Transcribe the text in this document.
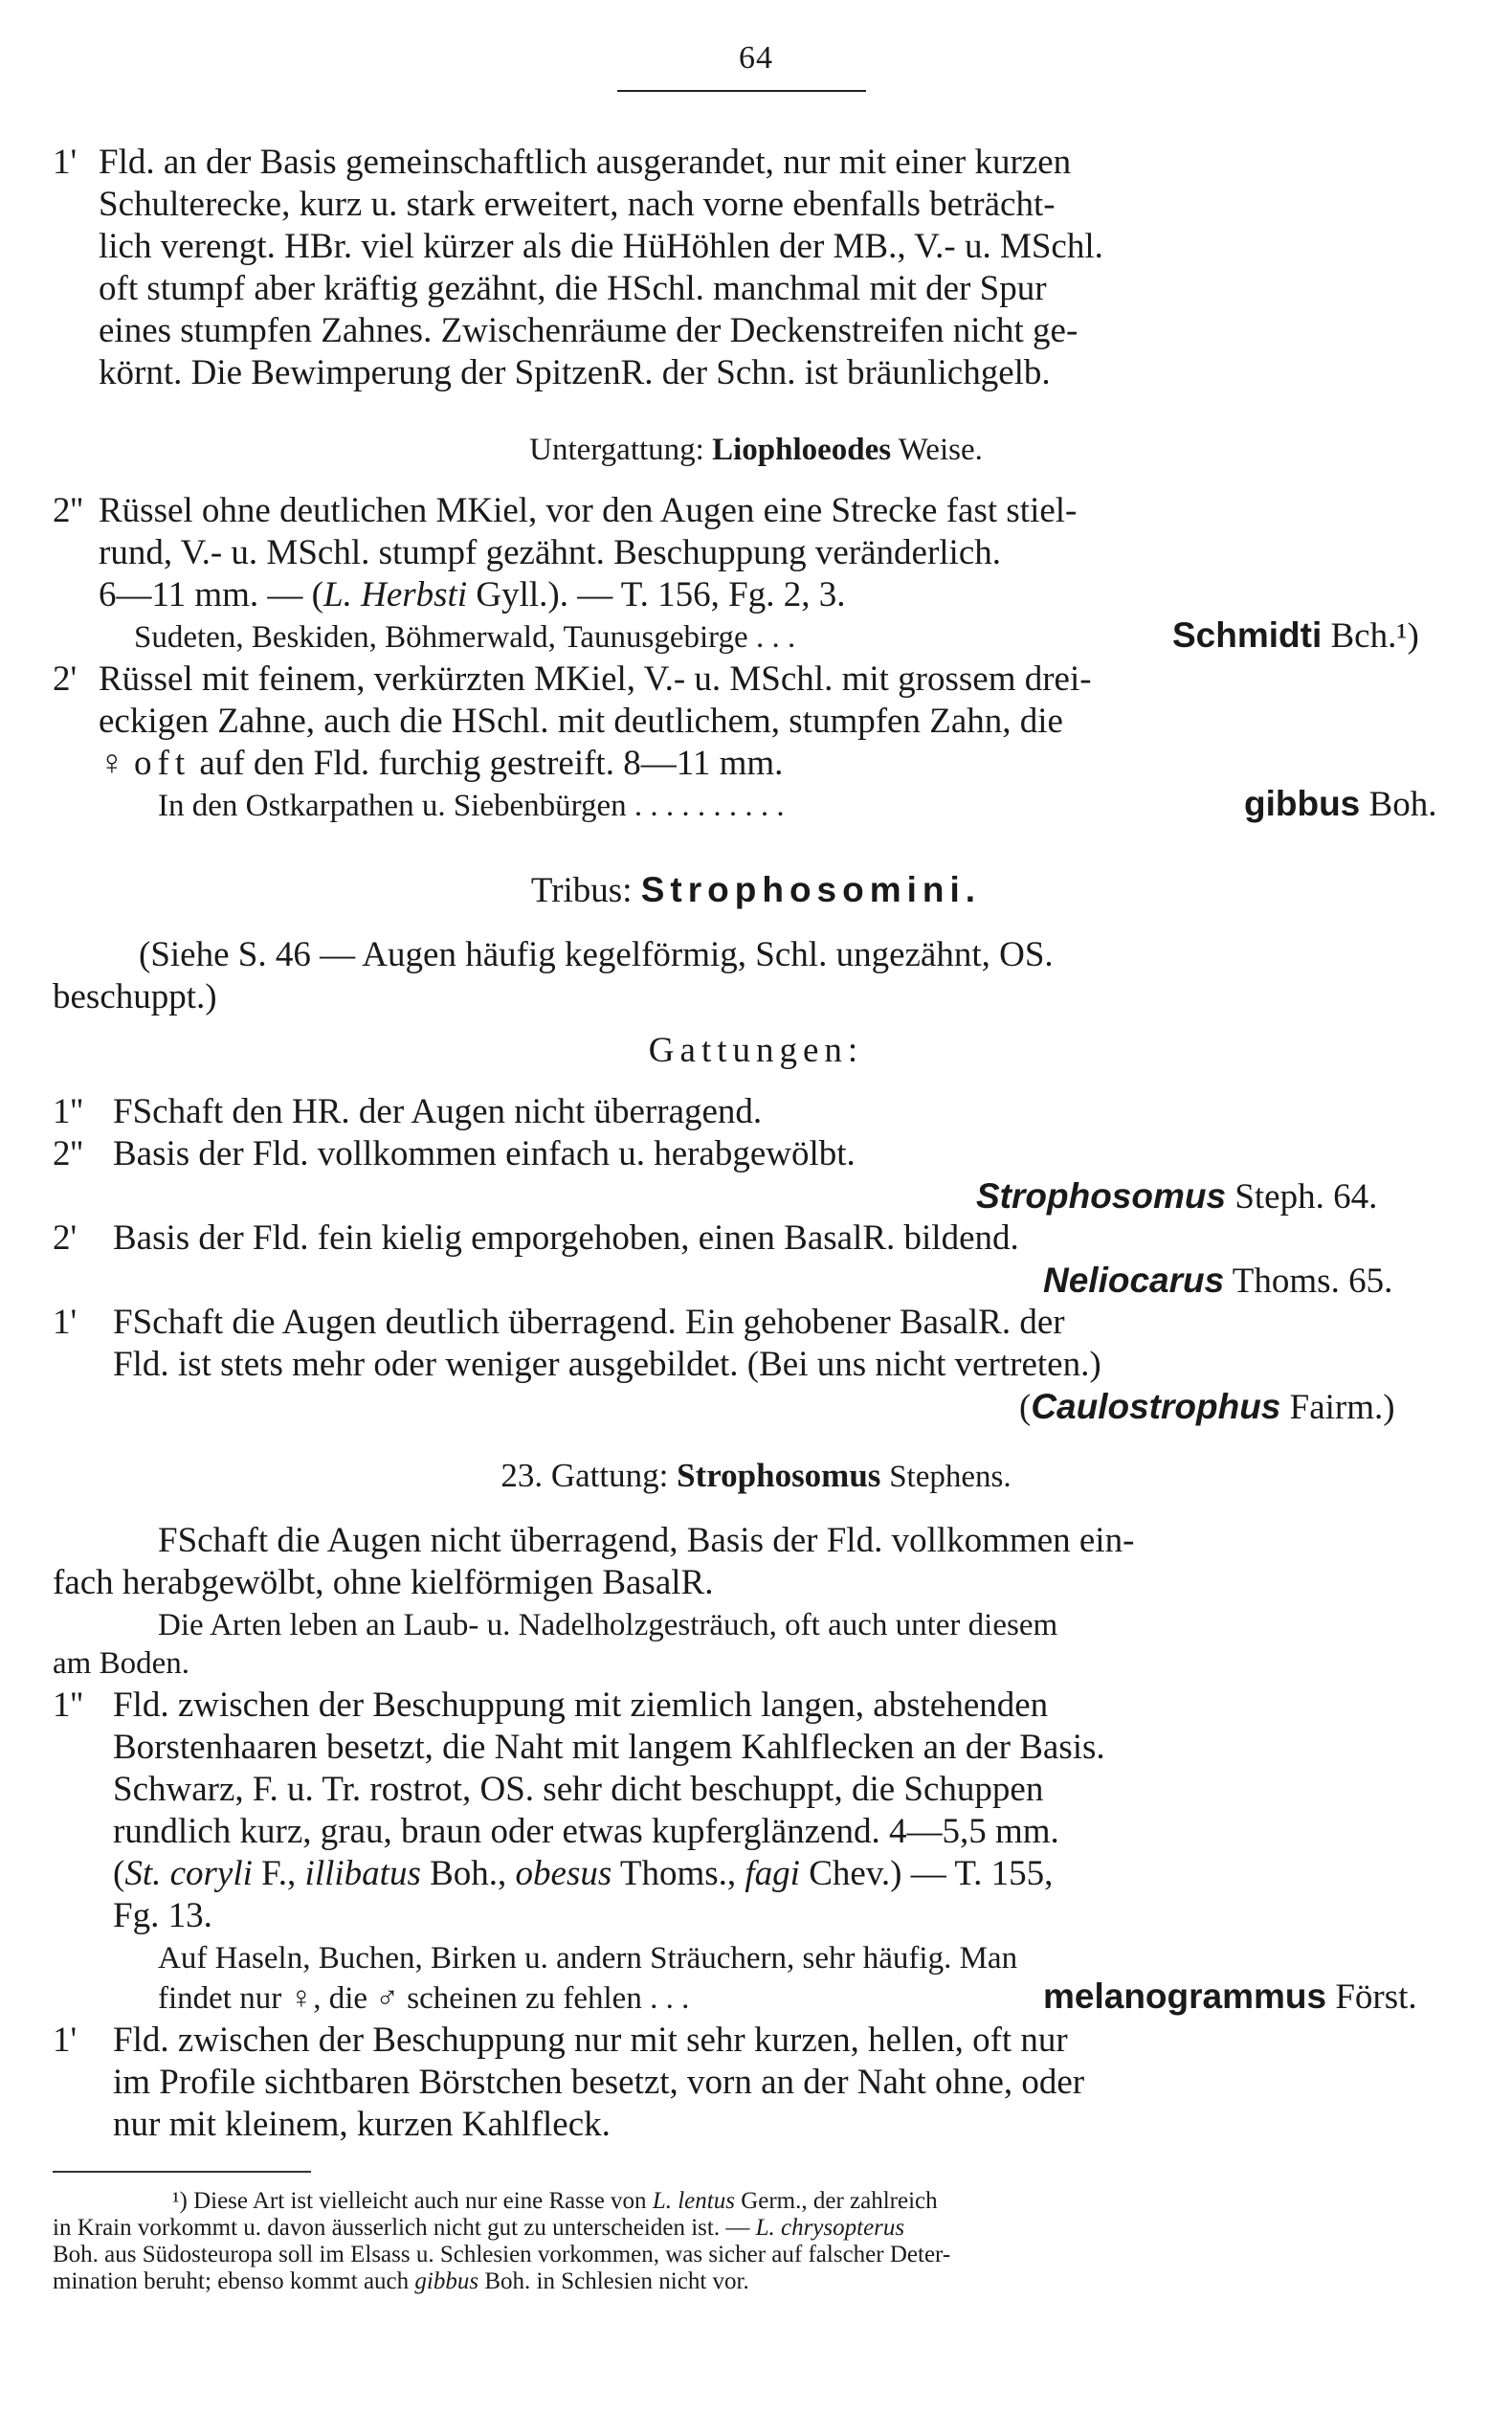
64
1' Fld. an der Basis gemeinschaftlich ausgerandet, nur mit einer kurzen
Schulterecke, kurz u. stark erweitert, nach vorne ebenfalls beträcht-
lich verengt. HBr. viel kürzer als die HüHöhlen der MB., V.- u. MSchl.
oft stumpf aber kräftig gezähnt, die HSchl. manchmal mit der Spur
eines stumpfen Zahnes. Zwischenräume der Deckenstreifen nicht ge-
körnt. Die Bewimperung der SpitzenR. der Schn. ist bräunlichgelb.
Untergattung: Liophloeodes Weise.
2'' Rüssel ohne deutlichen MKiel, vor den Augen eine Strecke fast stiel-
rund, V.- u. MSchl. stumpf gezähnt. Beschuppung veränderlich.
6—11 mm. — (L. Herbsti Gyll.). — T. 156, Fg. 2, 3.
Sudeten, Beskiden, Böhmerwald, Taunusgebirge . . .	Schmidti Bch.¹)
2' Rüssel mit feinem, verkürzten MKiel, V.- u. MSchl. mit grossem drei-
eckigen Zahne, auch die HSchl. mit deutlichem, stumpfen Zahn, die
♀ oft auf den Fld. furchig gestreift. 8—11 mm.
In den Ostkarpathen u. Siebenbürgen . . . . . . . . . .	gibbus Boh.
Tribus: Strophosomini.
(Siehe S. 46 — Augen häufig kegelförmig, Schl. ungezähnt, OS.
beschuppt.)
Gattungen:
1'' FSchaft den HR. der Augen nicht überragend.
2'' Basis der Fld. vollkommen einfach u. herabgewölbt.
Strophosomus Steph. 64.
2' Basis der Fld. fein kielig emporgehoben, einen BasalR. bildend.
Neliocarus Thoms. 65.
1' FSchaft die Augen deutlich überragend. Ein gehobener BasalR. der
Fld. ist stets mehr oder weniger ausgebildet. (Bei uns nicht vertreten.)
(Caulostrophus Fairm.)
23. Gattung: Strophosomus Stephens.
FSchaft die Augen nicht überragend, Basis der Fld. vollkommen ein-
fach herabgewölbt, ohne kielförmigen BasalR.
Die Arten leben an Laub- u. Nadelholzgesträuch, oft auch unter diesem
am Boden.
1'' Fld. zwischen der Beschuppung mit ziemlich langen, abstehenden
Borstenhaaren besetzt, die Naht mit langem Kahlflecken an der Basis.
Schwarz, F. u. Tr. rostrot, OS. sehr dicht beschuppt, die Schuppen
rundlich kurz, grau, braun oder etwas kupferglänzend. 4—5,5 mm.
(St. coryli F., illibatus Boh., obesus Thoms., fagi Chev.) — T. 155,
Fg. 13.
Auf Haseln, Buchen, Birken u. andern Sträuchern, sehr häufig. Man
findet nur ♀, die ♂ scheinen zu fehlen . . .	melanogrammus Först.
1' Fld. zwischen der Beschuppung nur mit sehr kurzen, hellen, oft nur
im Profile sichtbaren Börstchen besetzt, vorn an der Naht ohne, oder
nur mit kleinem, kurzen Kahlfleck.
¹) Diese Art ist vielleicht auch nur eine Rasse von L. lentus Germ., der zahlreich
in Krain vorkommt u. davon äusserlich nicht gut zu unterscheiden ist. — L. chrysopterus
Boh. aus Südosteuropa soll im Elsass u. Schlesien vorkommen, was sicher auf falscher Deter-
mination beruht; ebenso kommt auch gibbus Boh. in Schlesien nicht vor.
